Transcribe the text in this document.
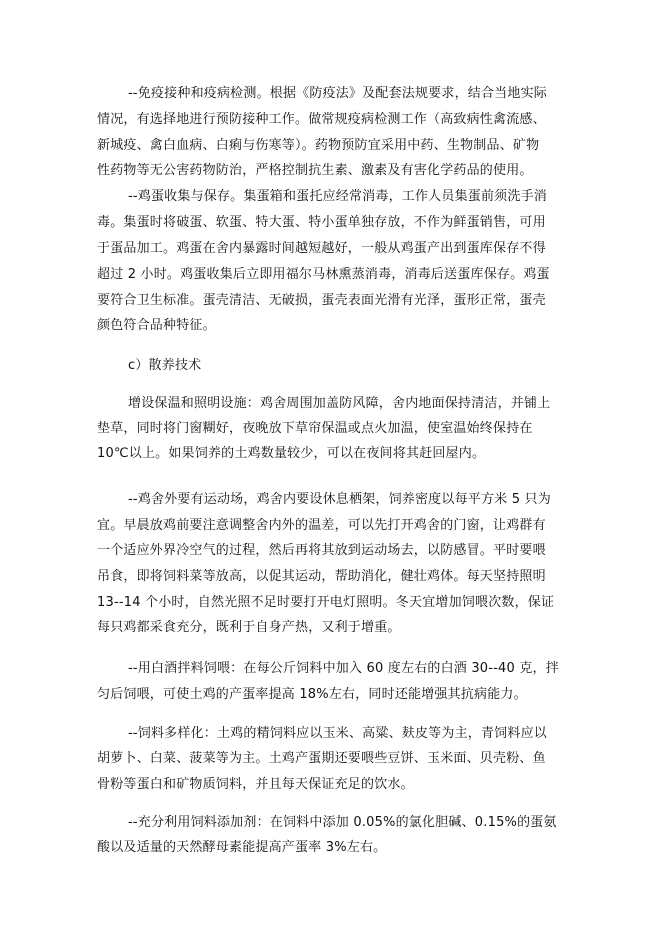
--免疫接种和疫病检测。根据《防疫法》及配套法规要求，结合当地实际
情况，有选择地进行预防接种工作。做常规疫病检测工作（高致病性禽流感、
新城疫、禽白血病、白痢与伤寒等）。药物预防宜采用中药、生物制品、矿物
性药物等无公害药物防治，严格控制抗生素、激素及有害化学药品的使用。
--鸡蛋收集与保存。集蛋箱和蛋托应经常消毒，工作人员集蛋前须洗手消
毒。集蛋时将破蛋、软蛋、特大蛋、特小蛋单独存放，不作为鲜蛋销售，可用
于蛋品加工。鸡蛋在舍内暴露时间越短越好，一般从鸡蛋产出到蛋库保存不得
超过 2 小时。鸡蛋收集后立即用福尔马林熏蒸消毒，消毒后送蛋库保存。鸡蛋
要符合卫生标准。蛋壳清洁、无破损，蛋壳表面光滑有光泽，蛋形正常，蛋壳
颜色符合品种特征。
c）散养技术
增设保温和照明设施：鸡舍周围加盖防风障，舍内地面保持清洁，并铺上
垫草，同时将门窗糊好，夜晚放下草帘保温或点火加温，使室温始终保持在
10℃以上。如果饲养的土鸡数量较少，可以在夜间将其赶回屋内。
--鸡舍外要有运动场，鸡舍内要设休息栖架，饲养密度以每平方米 5 只为
宜。早晨放鸡前要注意调整舍内外的温差，可以先打开鸡舍的门窗，让鸡群有
一个适应外界冷空气的过程，然后再将其放到运动场去，以防感冒。平时要喂
吊食，即将饲料菜等放高，以促其运动，帮助消化，健壮鸡体。每天坚持照明
13--14 个小时，自然光照不足时要打开电灯照明。冬天宜增加饲喂次数，保证
每只鸡都采食充分，既利于自身产热，又利于增重。
--用白酒拌料饲喂：在每公斤饲料中加入 60 度左右的白酒 30--40 克，拌
匀后饲喂，可使土鸡的产蛋率提高 18%左右，同时还能增强其抗病能力。
--饲料多样化：土鸡的精饲料应以玉米、高粱、麸皮等为主，青饲料应以
胡萝卜、白菜、菠菜等为主。土鸡产蛋期还要喂些豆饼、玉米面、贝壳粉、鱼
骨粉等蛋白和矿物质饲料，并且每天保证充足的饮水。
--充分利用饲料添加剂：在饲料中添加 0.05%的氯化胆碱、0.15%的蛋氨
酸以及适量的天然酵母素能提高产蛋率 3%左右。
